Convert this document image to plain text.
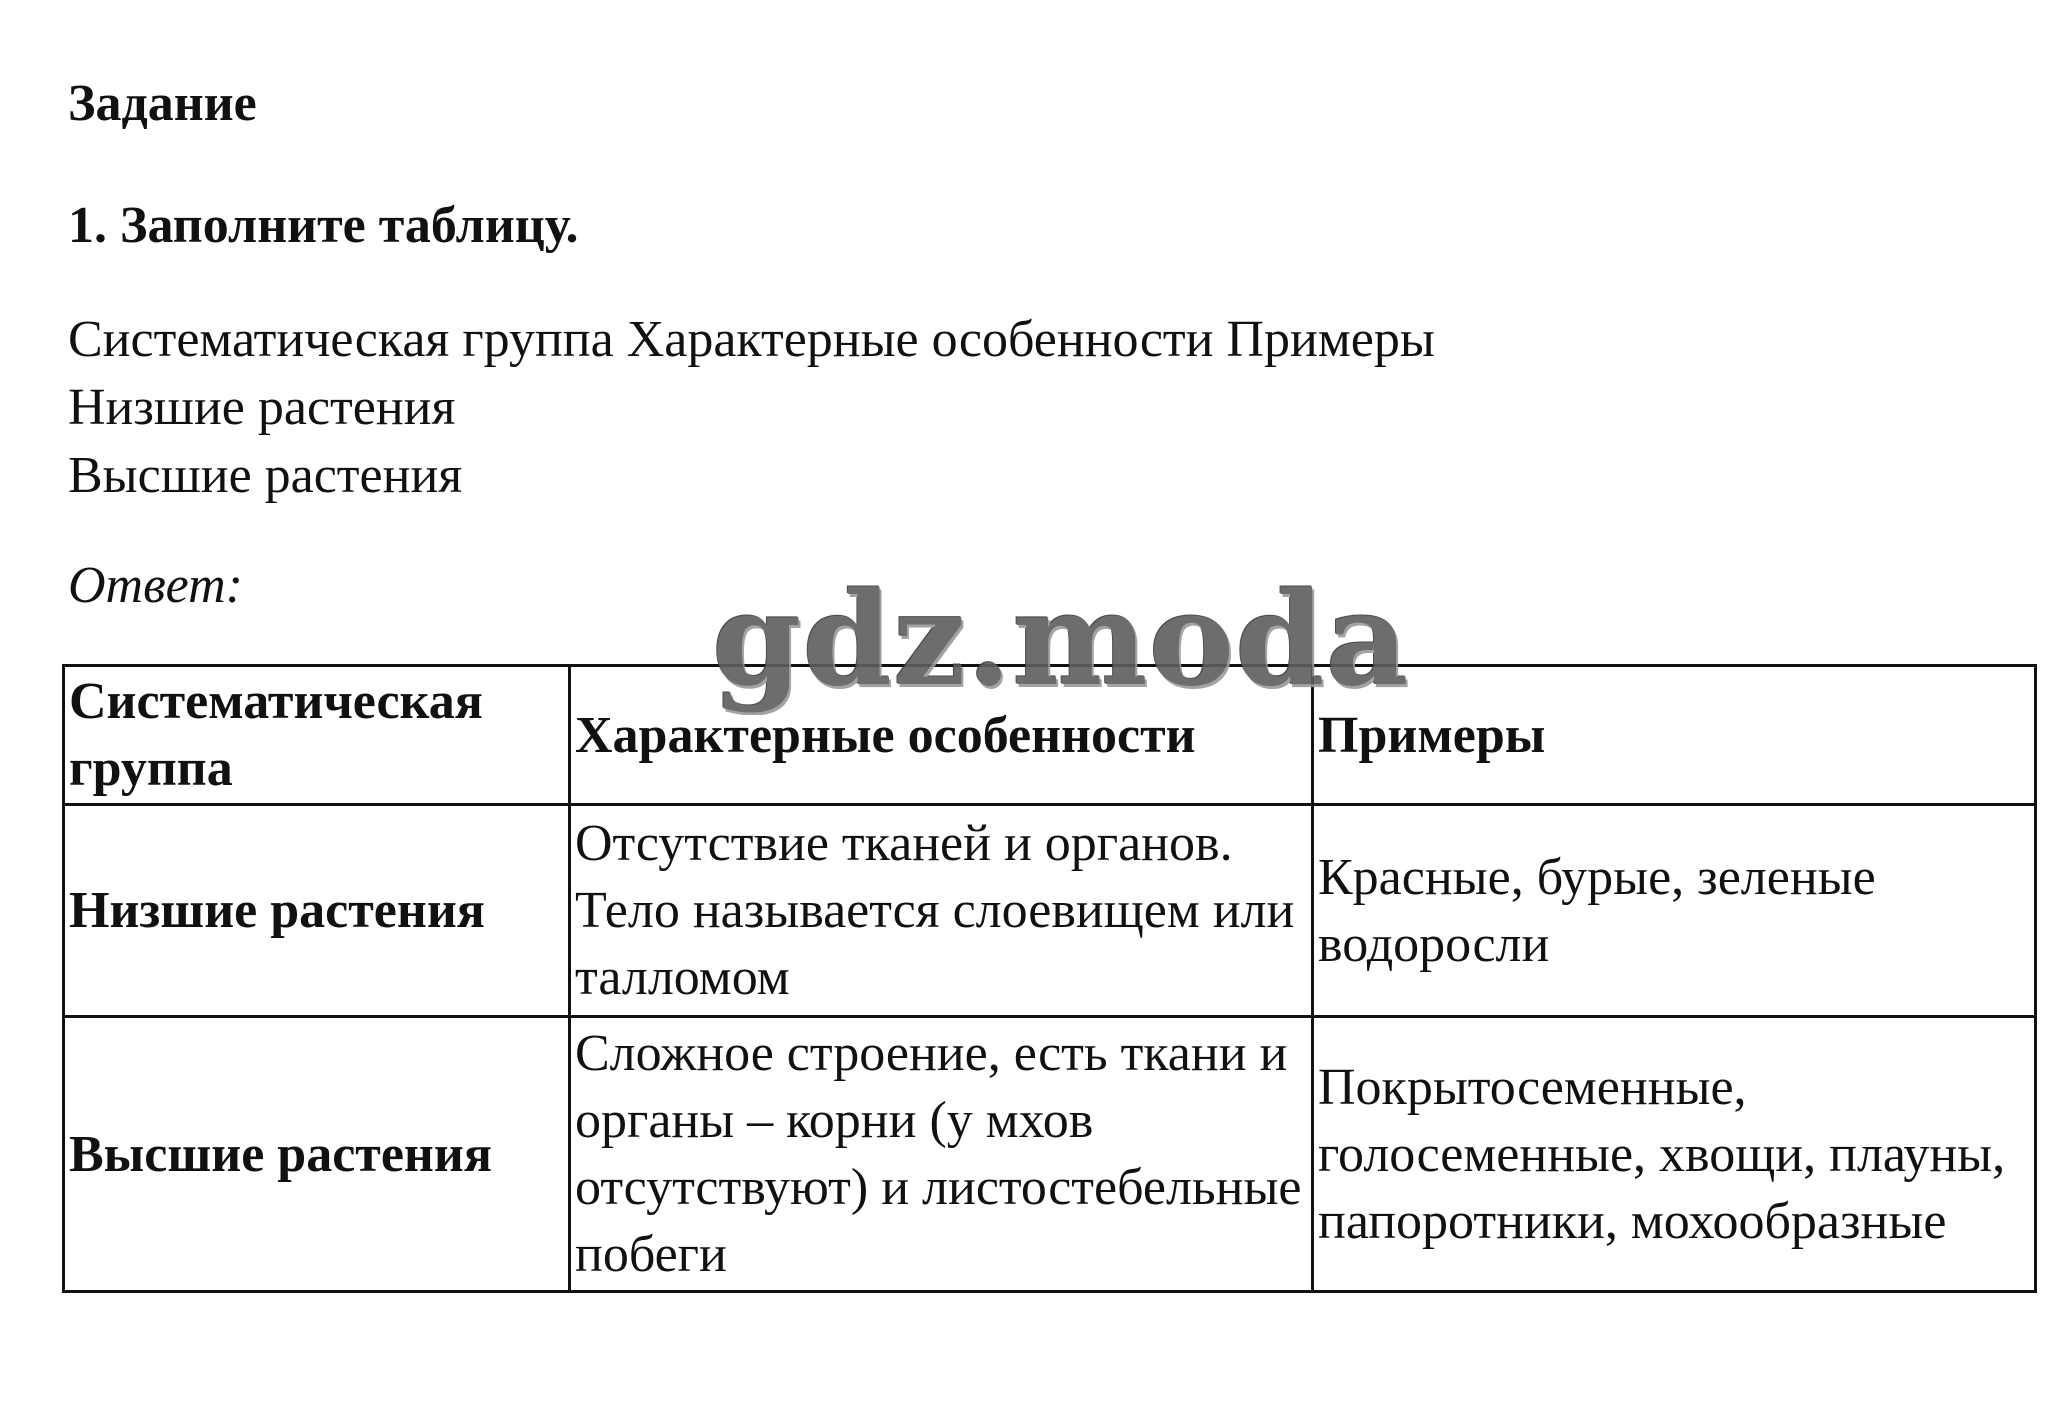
Задание
1. Заполните таблицу.
Систематическая группа Характерные особенности Примеры
Низшие растения
Высшие растения
Ответ:
Систематическая группа	Характерные особенности	Примеры
Низшие растения	Отсутствие тканей и органов. Тело называется слоевищем или талломом	Красные, бурые, зеленые водоросли
Высшие растения	Сложное строение, есть ткани и органы – корни (у мхов отсутствуют) и листостебельные побеги	Покрытосеменные, голосеменные, хвощи, плауны, папоротники, мохообразные
gdz.moda
